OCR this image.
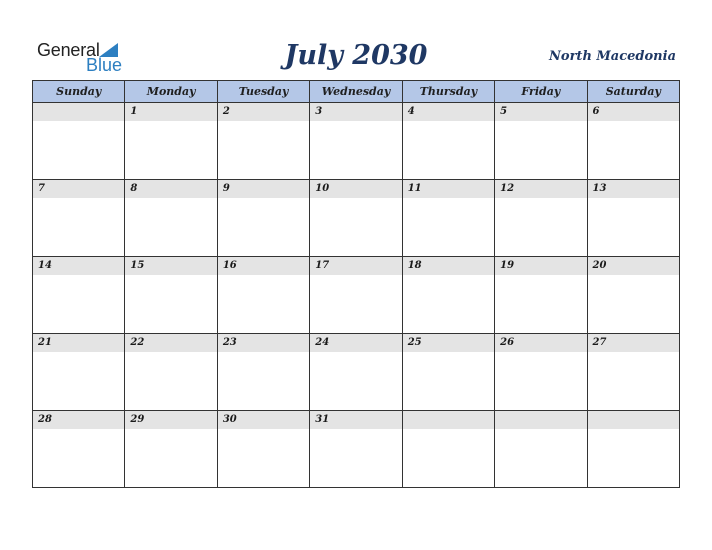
General
Blue	July 2030	North Macedonia
Sunday	Monday	Tuesday	Wednesday	Thursday	Friday	Saturday

	1	2	3	4	5	6

7	8	9	10	11	12	13

14	15	16	17	18	19	20

21	22	23	24	25	26	27

28	29	30	31			
